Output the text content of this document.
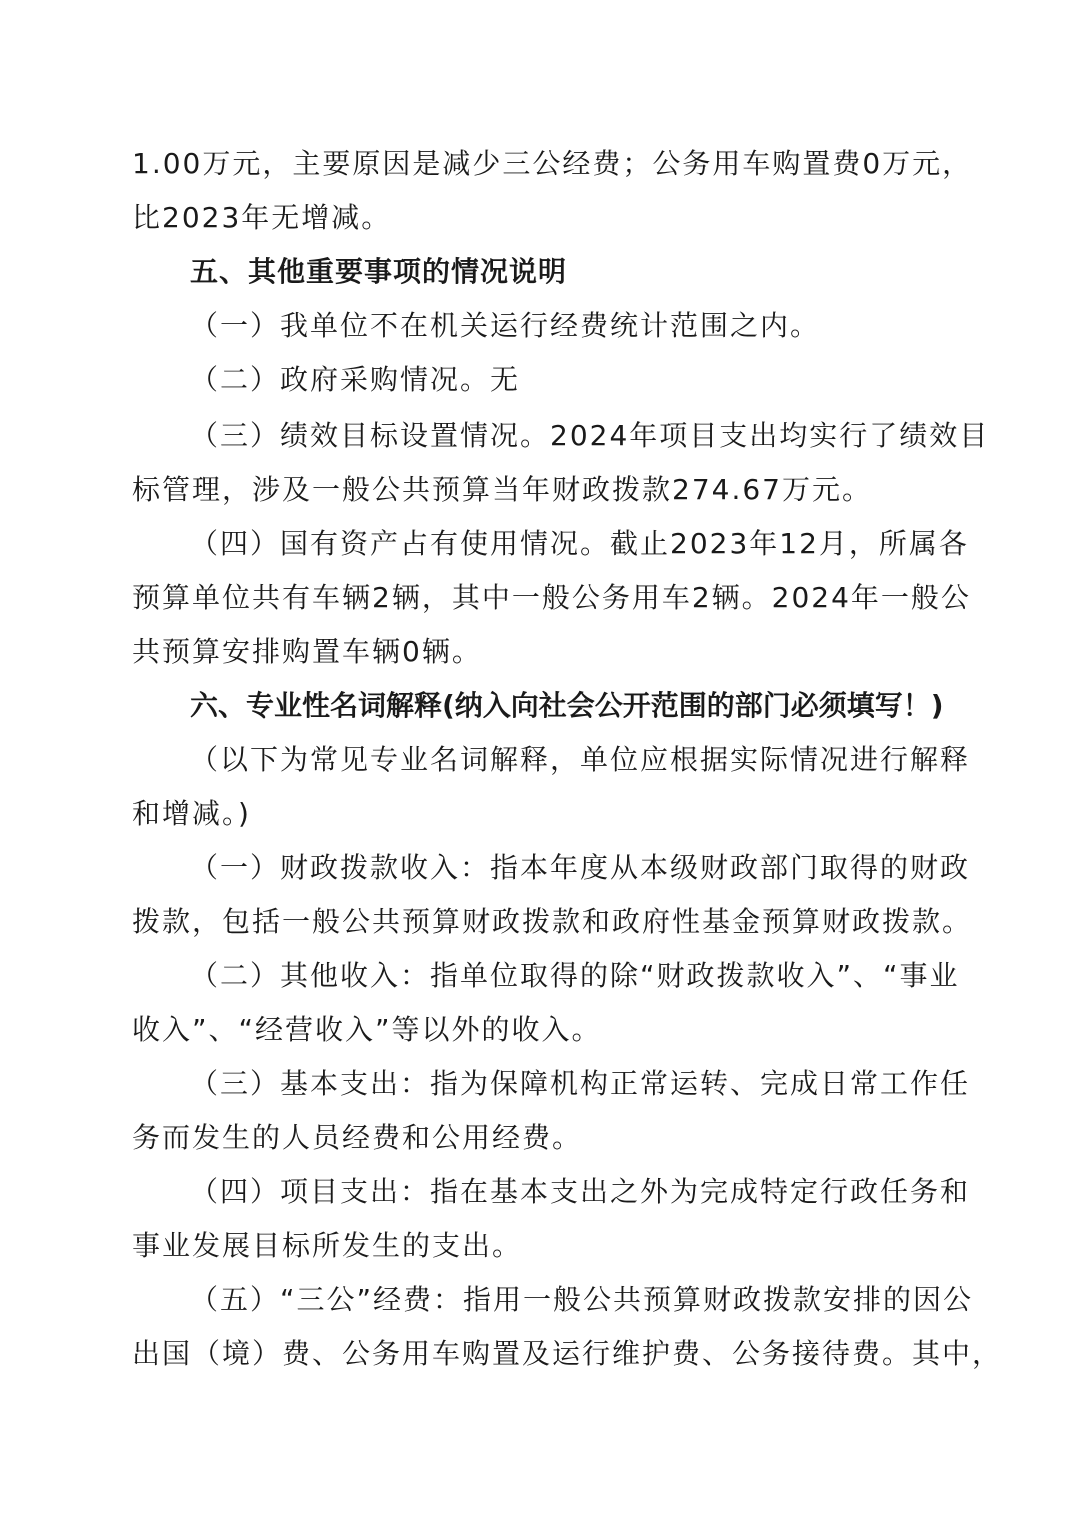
1.00万元，主要原因是减少三公经费；公务用车购置费0万元，
比2023年无增减。
五、其他重要事项的情况说明
（一）我单位不在机关运行经费统计范围之内。
（二）政府采购情况。无
（三）绩效目标设置情况。2024年项目支出均实行了绩效目
标管理，涉及一般公共预算当年财政拨款274.67万元。
（四）国有资产占有使用情况。截止2023年12月，所属各
预算单位共有车辆2辆，其中一般公务用车2辆。2024年一般公
共预算安排购置车辆0辆。
六、专业性名词解释(纳入向社会公开范围的部门必须填写！)
（以下为常见专业名词解释，单位应根据实际情况进行解释
和增减。)
（一）财政拨款收入：指本年度从本级财政部门取得的财政
拨款，包括一般公共预算财政拨款和政府性基金预算财政拨款。
（二）其他收入：指单位取得的除“财政拨款收入”、“事业
收入”、“经营收入”等以外的收入。
（三）基本支出：指为保障机构正常运转、完成日常工作任
务而发生的人员经费和公用经费。
（四）项目支出：指在基本支出之外为完成特定行政任务和
事业发展目标所发生的支出。
（五）“三公”经费：指用一般公共预算财政拨款安排的因公
出国（境）费、公务用车购置及运行维护费、公务接待费。其中，
